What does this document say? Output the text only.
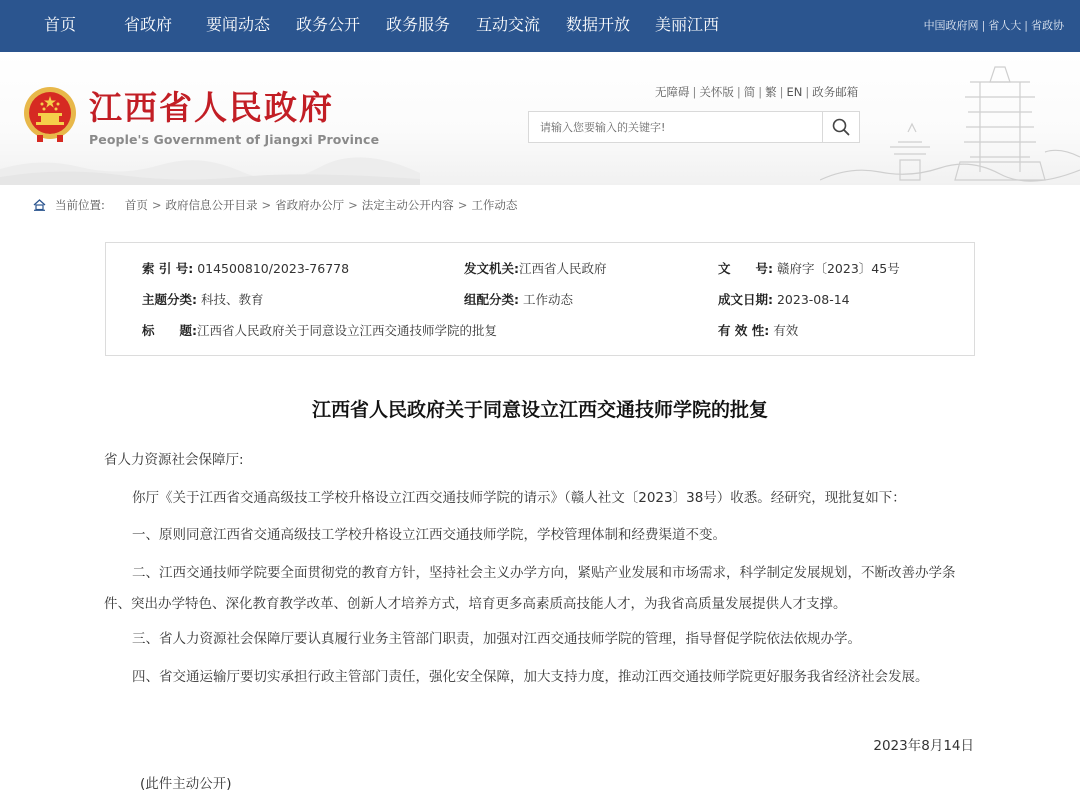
首页	省政府 要闻动态 政务公开 政务服务 互动交流 数据开放 美丽江西	中国政府网 | 省人大 | 省政协
江西省人民政府
People's Government of Jiangxi Province
无障碍 | 关怀版 | 简 | 繁 | EN | 政务邮箱
请输入您要输入的关键字!
当前位置: 首页 > 政府信息公开目录 > 省政府办公厅 > 法定主动公开内容 > 工作动态
索 引 号: 014500810/2023-76778	发文机关:江西省人民政府	文　　号: 赣府字〔2023〕45号
主题分类: 科技、教育	组配分类: 工作动态	成文日期: 2023-08-14
标　　题:江西省人民政府关于同意设立江西交通技师学院的批复	有 效 性: 有效
江西省人民政府关于同意设立江西交通技师学院的批复

省人力资源社会保障厅:

你厅《关于江西省交通高级技工学校升格设立江西交通技师学院的请示》（赣人社文〔2023〕38号）收悉。经研究，现批复如下：

一、原则同意江西省交通高级技工学校升格设立江西交通技师学院，学校管理体制和经费渠道不变。

二、江西交通技师学院要全面贯彻党的教育方针，坚持社会主义办学方向，紧贴产业发展和市场需求，科学制定发展规划，不断改善办学条件、突出办学特色、深化教育教学改革、创新人才培养方式，培育更多高素质高技能人才，为我省高质量发展提供人才支撑。

三、省人力资源社会保障厅要认真履行业务主管部门职责，加强对江西交通技师学院的管理，指导督促学院依法依规办学。

四、省交通运输厅要切实承担行政主管部门责任，强化安全保障，加大支持力度，推动江西交通技师学院更好服务我省经济社会发展。

2023年8月14日
(此件主动公开)
